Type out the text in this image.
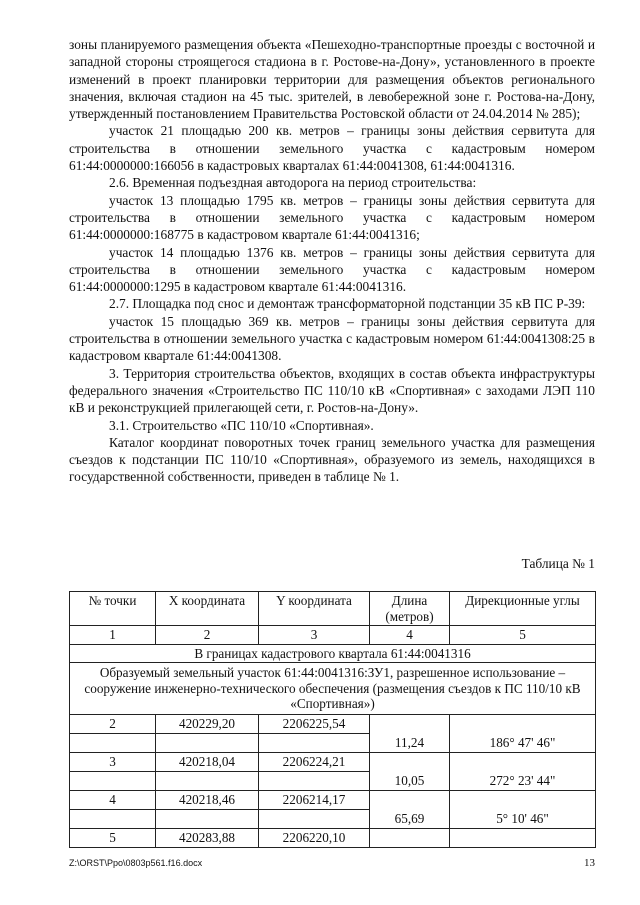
зоны планируемого размещения объекта «Пешеходно-транспортные проезды с восточной и западной стороны строящегося стадиона в г. Ростове-на-Дону», установленного в проекте изменений в проект планировки территории для размещения объектов регионального значения, включая стадион на 45 тыс. зрителей, в левобережной зоне г. Ростова-на-Дону, утвержденный постановлением Правительства Ростовской области от 24.04.2014 № 285);

участок 21 площадью 200 кв. метров – границы зоны действия сервитута для строительства в отношении земельного участка с кадастровым номером 61:44:0000000:166056 в кадастровых кварталах 61:44:0041308, 61:44:0041316.

2.6. Временная подъездная автодорога на период строительства:

участок 13 площадью 1795 кв. метров – границы зоны действия сервитута для строительства в отношении земельного участка с кадастровым номером 61:44:0000000:168775 в кадастровом квартале 61:44:0041316;

участок 14 площадью 1376 кв. метров – границы зоны действия сервитута для строительства в отношении земельного участка с кадастровым номером 61:44:0000000:1295 в кадастровом квартале 61:44:0041316.

2.7. Площадка под снос и демонтаж трансформаторной подстанции 35 кВ ПС Р-39:

участок 15 площадью 369 кв. метров – границы зоны действия сервитута для строительства в отношении земельного участка с кадастровым номером 61:44:0041308:25 в кадастровом квартале 61:44:0041308.

3. Территория строительства объектов, входящих в состав объекта инфраструктуры федерального значения «Строительство ПС 110/10 кВ «Спортивная» с заходами ЛЭП 110 кВ и реконструкцией прилегающей сети, г. Ростов-на-Дону».

3.1. Строительство «ПС 110/10 «Спортивная».

Каталог координат поворотных точек границ земельного участка для размещения съездов к подстанции ПС 110/10 «Спортивная», образуемого из земель, находящихся в государственной собственности, приведен в таблице № 1.

Таблица № 1
№ точки	X координата	Y координата	Длина (метров)	Дирекционные углы
1	2	3	4	5
В границах кадастрового квартала 61:44:0041316				
Образуемый земельный участок 61:44:0041316:ЗУ1, разрешенное использование – сооружение инженерно-технического обеспечения (размещения съездов к ПС 110/10 кВ «Спортивная»)				
2	420229,20	2206225,54	11,24	186° 47' 46"

3	420218,04	2206224,21	10,05	272° 23' 44"

4	420218,46	2206214,17	65,69	5° 10' 46"

5	420283,88	2206220,10		
Z:\ORST\Ppo\0803p561.f16.docx	13
